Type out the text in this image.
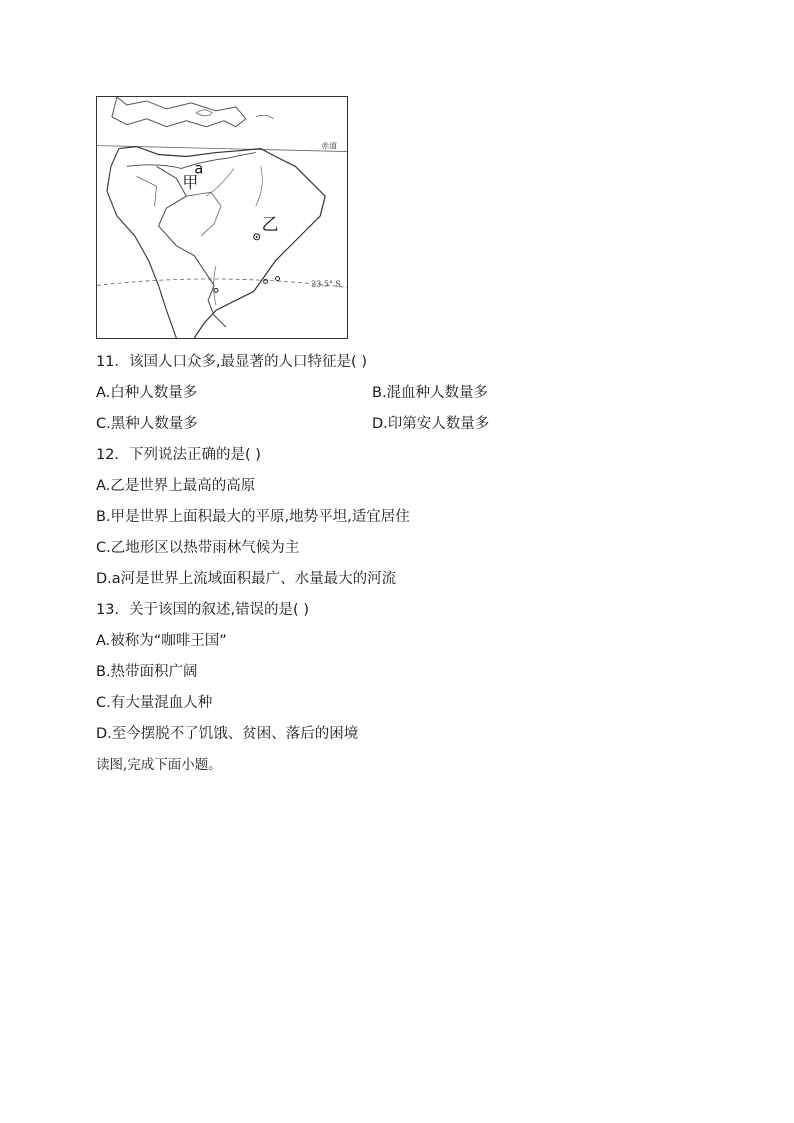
赤道
23.5° S
a
甲
乙
11．该国人口众多,最显著的人口特征是( )
A.白种人数量多	B.混血种人数量多
C.黑种人数量多	D.印第安人数量多
12．下列说法正确的是( )
A.乙是世界上最高的高原
B.甲是世界上面积最大的平原,地势平坦,适宜居住
C.乙地形区以热带雨林气候为主
D.a河是世界上流域面积最广、水量最大的河流
13．关于该国的叙述,错误的是( )
A.被称为“咖啡王国”
B.热带面积广阔
C.有大量混血人种
D.至今摆脱不了饥饿、贫困、落后的困境
读图,完成下面小题。
